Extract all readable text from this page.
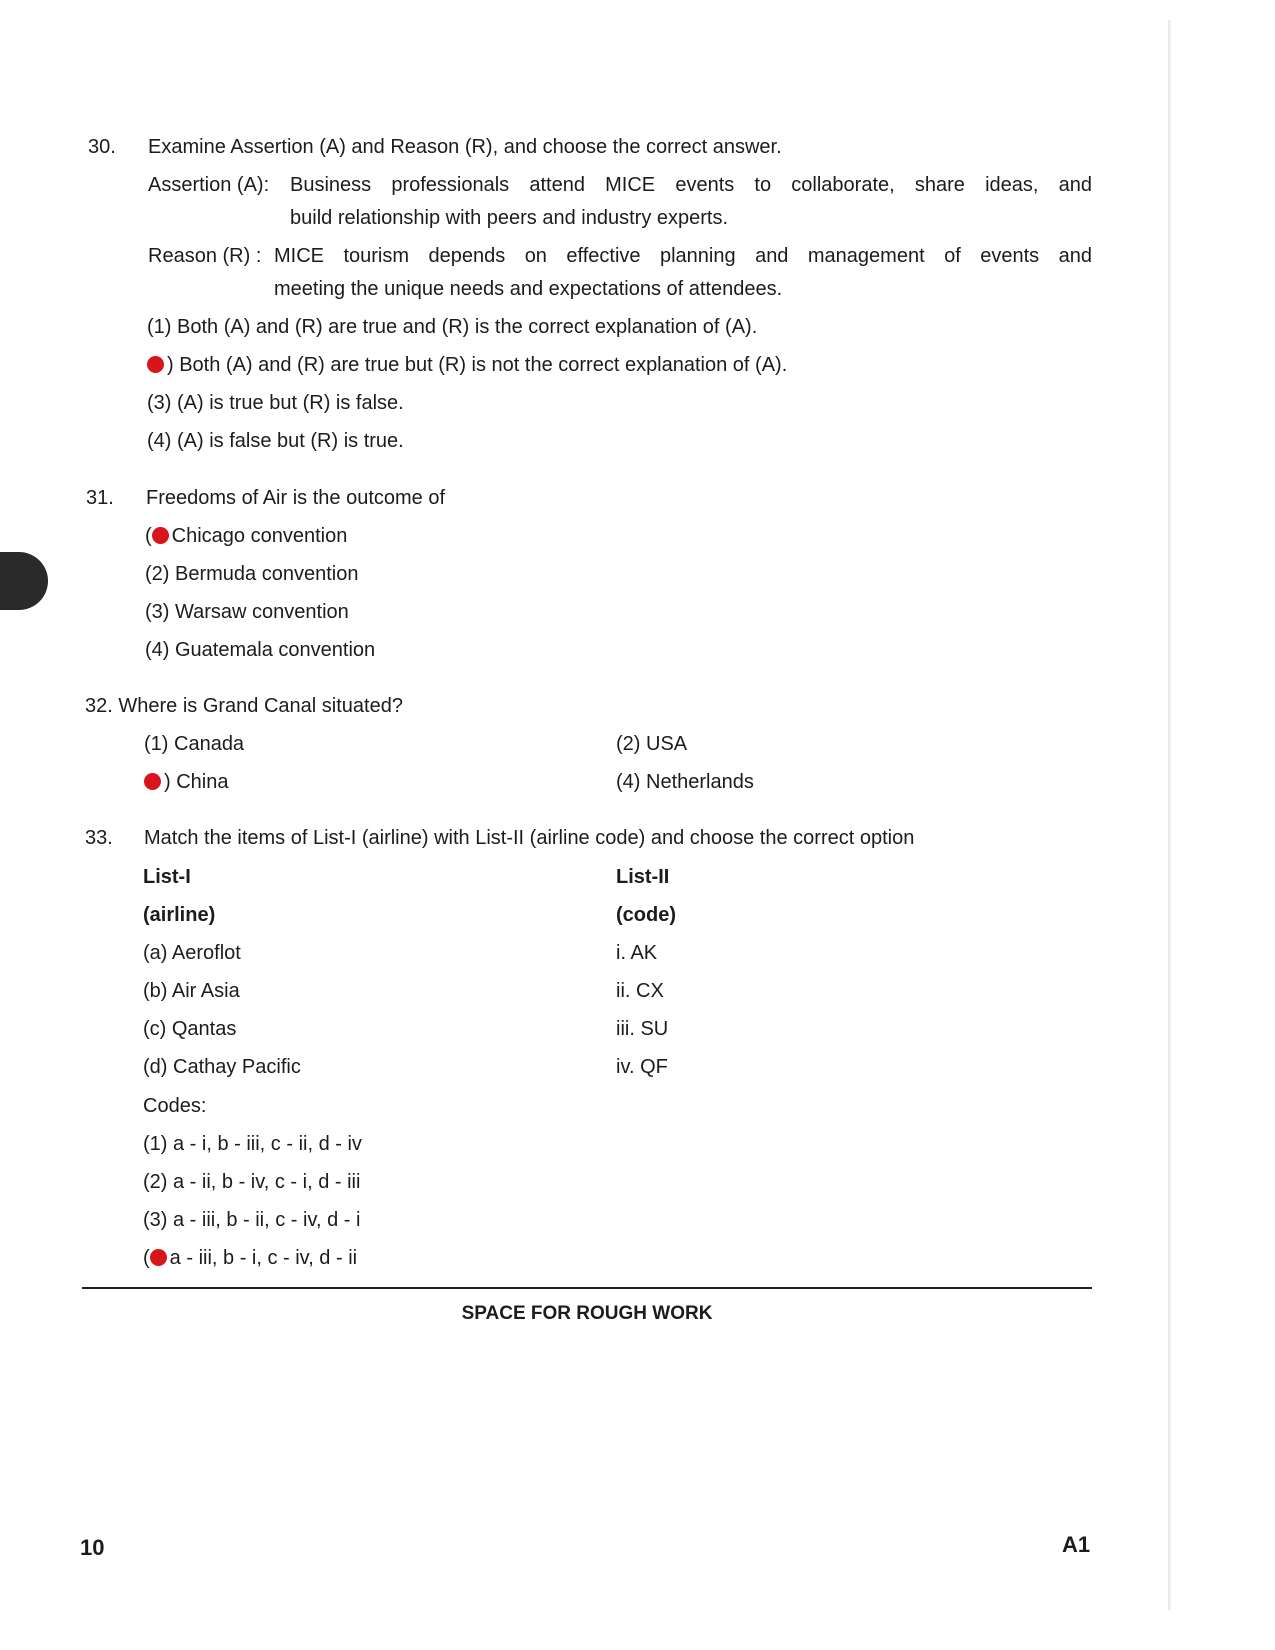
30. Examine Assertion (A) and Reason (R), and choose the correct answer.
Assertion (A): Business professionals attend MICE events to collaborate, share ideas, and
build relationship with peers and industry experts.
Reason (R) : MICE tourism depends on effective planning and management of events and
meeting the unique needs and expectations of attendees.
(1) Both (A) and (R) are true and (R) is the correct explanation of (A).
) Both (A) and (R) are true but (R) is not the correct explanation of (A).
(3) (A) is true but (R) is false.
(4) (A) is false but (R) is true.
31. Freedoms of Air is the outcome of
( Chicago convention
(2) Bermuda convention
(3) Warsaw convention
(4) Guatemala convention
32. Where is Grand Canal situated?
(1) Canada	(2) USA
) China	(4) Netherlands
33. Match the items of List-I (airline) with List-II (airline code) and choose the correct option
List-I	List-II
(airline)	(code)
(a) Aeroflot	i. AK
(b) Air Asia	ii. CX
(c) Qantas	iii. SU
(d) Cathay Pacific	iv. QF
Codes:
(1) a - i, b - iii, c - ii, d - iv
(2) a - ii, b - iv, c - i, d - iii
(3) a - iii, b - ii, c - iv, d - i
( a - iii, b - i, c - iv, d - ii
SPACE FOR ROUGH WORK
10	A1
